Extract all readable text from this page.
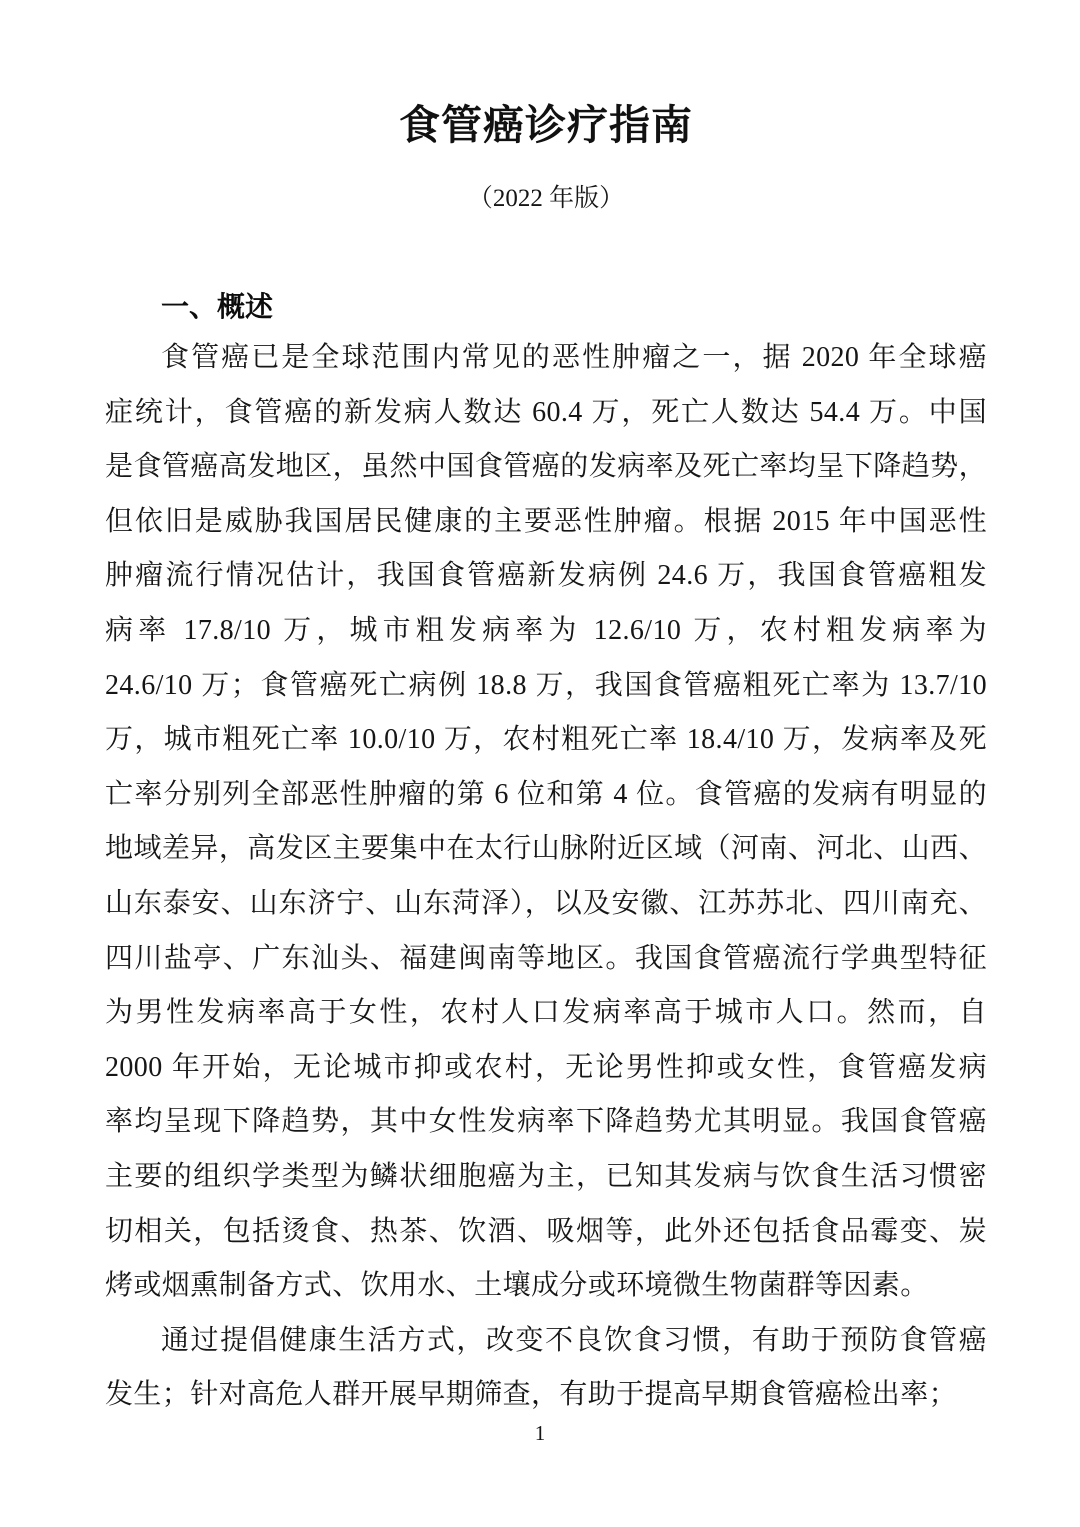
食管癌诊疗指南
（2022 年版）
一、概述
食管癌已是全球范围内常见的恶性肿瘤之一，据 2020 年全球癌
症统计，食管癌的新发病人数达 60.4 万，死亡人数达 54.4 万。中国
是食管癌高发地区，虽然中国食管癌的发病率及死亡率均呈下降趋势，
但依旧是威胁我国居民健康的主要恶性肿瘤。根据 2015 年中国恶性
肿瘤流行情况估计，我国食管癌新发病例 24.6 万，我国食管癌粗发
病率 17.8/10 万，城市粗发病率为 12.6/10 万，农村粗发病率为
24.6/10 万；食管癌死亡病例 18.8 万，我国食管癌粗死亡率为 13.7/10
万，城市粗死亡率 10.0/10 万，农村粗死亡率 18.4/10 万，发病率及死
亡率分别列全部恶性肿瘤的第 6 位和第 4 位。食管癌的发病有明显的
地域差异，高发区主要集中在太行山脉附近区域（河南、河北、山西、
山东泰安、山东济宁、山东菏泽），以及安徽、江苏苏北、四川南充、
四川盐亭、广东汕头、福建闽南等地区。我国食管癌流行学典型特征
为男性发病率高于女性，农村人口发病率高于城市人口。然而，自
2000 年开始，无论城市抑或农村，无论男性抑或女性，食管癌发病
率均呈现下降趋势，其中女性发病率下降趋势尤其明显。我国食管癌
主要的组织学类型为鳞状细胞癌为主，已知其发病与饮食生活习惯密
切相关，包括烫食、热茶、饮酒、吸烟等，此外还包括食品霉变、炭
烤或烟熏制备方式、饮用水、土壤成分或环境微生物菌群等因素。
通过提倡健康生活方式，改变不良饮食习惯，有助于预防食管癌
发生；针对高危人群开展早期筛查，有助于提高早期食管癌检出率；
1
